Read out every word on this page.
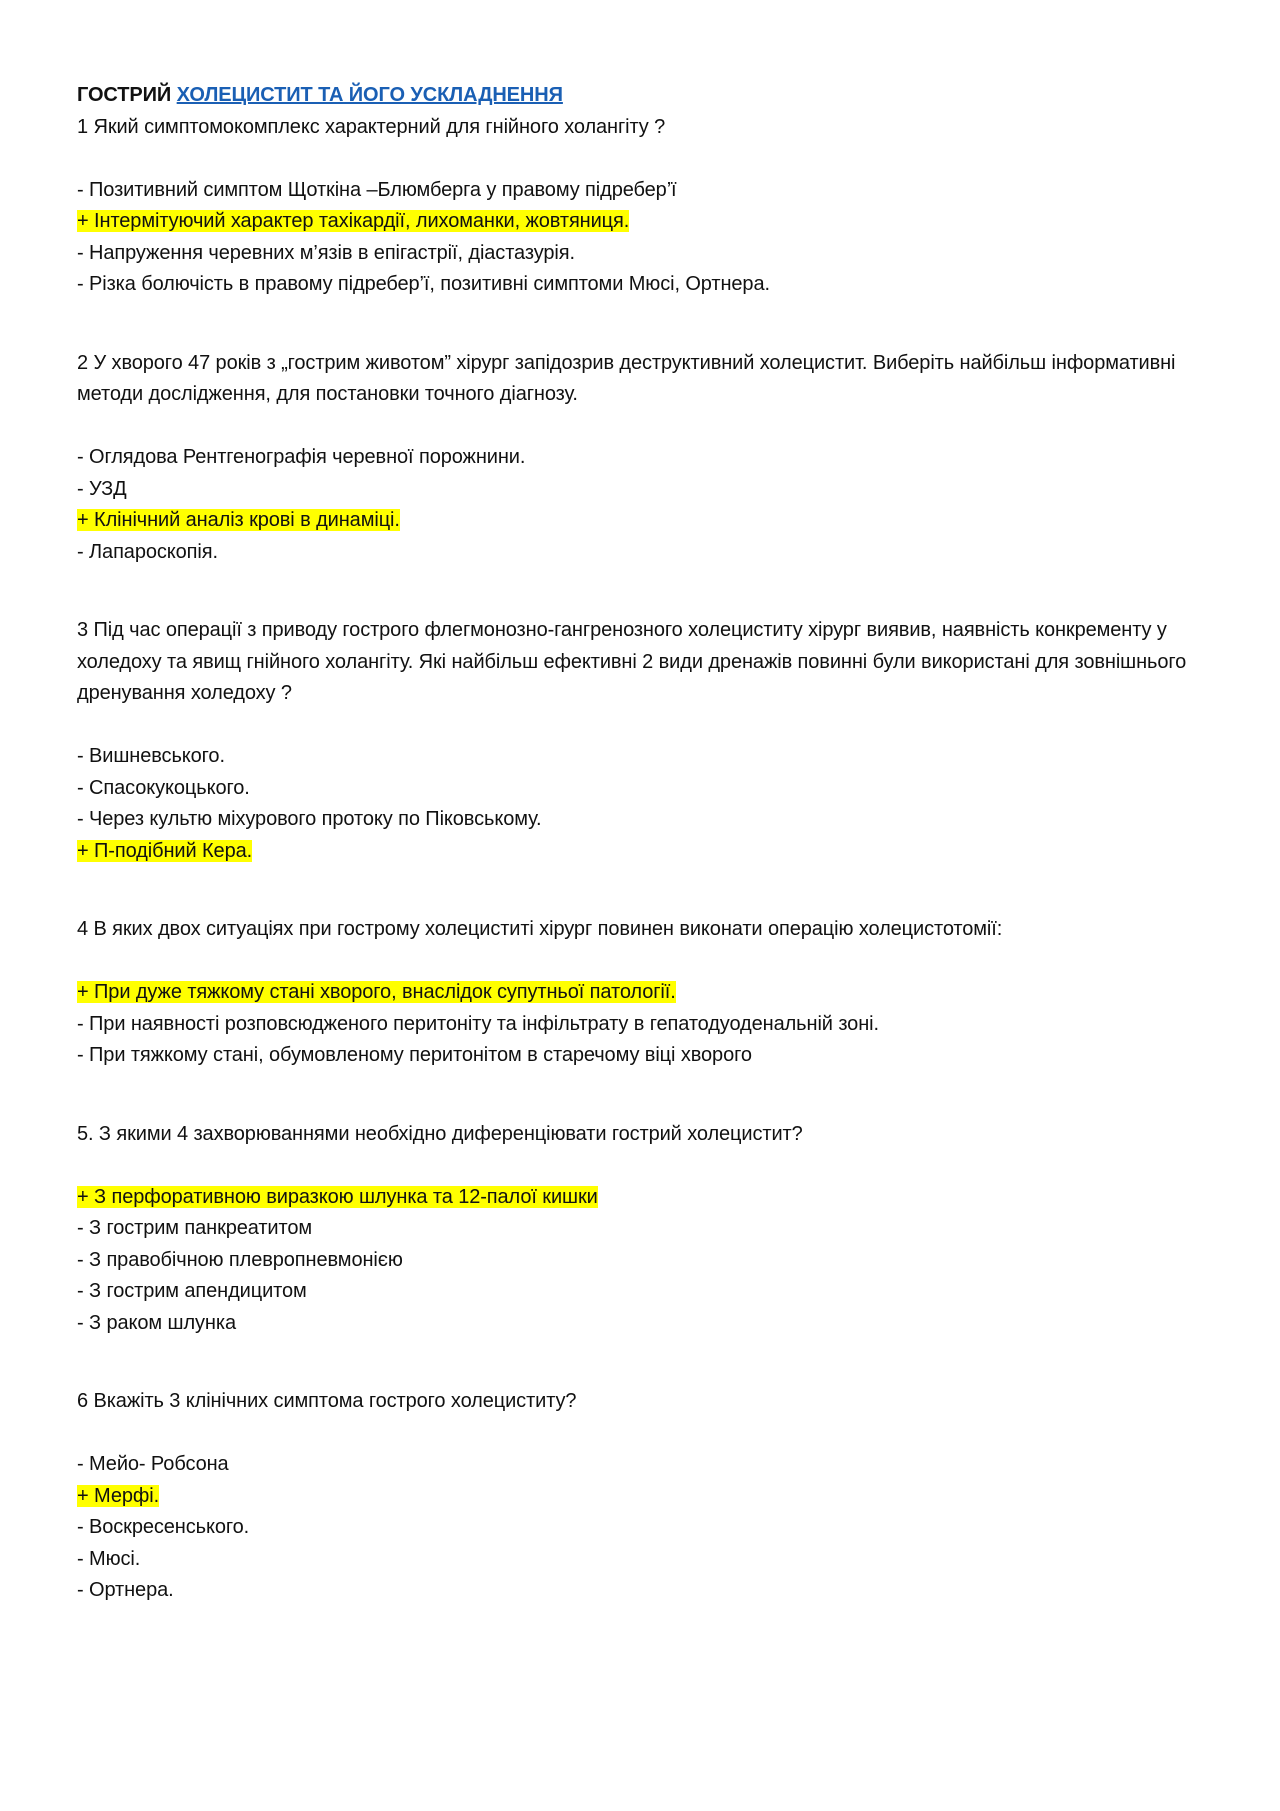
ГОСТРИЙ ХОЛЕЦИСТИТ ТА ЙОГО УСКЛАДНЕННЯ
1 Який симптомокомплекс характерний для гнійного холангіту ?
- Позитивний симптом Щоткіна –Блюмберга у правому підребер’ї
+ Інтермітуючий характер тахікардії, лихоманки, жовтяниця.
- Напруження черевних м’язів в епігастрії, діастазурія.
- Різка болючість в правому підребер’ї, позитивні симптоми Мюсі, Ортнера.
2 У хворого 47 років з „гострим животом” хірург запідозрив деструктивний холецистит. Виберіть найбільш інформативні методи дослідження, для постановки точного діагнозу.
- Оглядова Рентгенографія черевної порожнини.
- УЗД
+ Клінічний аналіз крові в динаміці.
- Лапароскопія.
3 Під час операції з приводу гострого флегмонозно-гангренозного холециститу хірург виявив, наявність конкременту у холедоху та явищ гнійного холангіту. Які найбільш ефективні 2 види дренажів повинні були використані для зовнішнього дренування холедоху ?
- Вишневського.
- Спасокукоцького.
- Через культю міхурового протоку по Піковському.
+ П-подібний Кера.
4 В яких двох ситуаціях при гострому холециститі хірург повинен виконати операцію холецистотомії:
+ При дуже тяжкому стані хворого, внаслідок супутньої патології.
- При наявності розповсюдженого перитоніту та інфільтрату в гепатодуоденальній зоні.
- При тяжкому стані, обумовленому перитонітом в старечому віці хворого
5. З якими 4 захворюваннями необхідно диференціювати гострий холецистит?
+ З перфоративною виразкою шлунка та 12-палої кишки
- З гострим панкреатитом
- З правобічною плевропневмонією
- З гострим апендицитом
- З раком шлунка
6 Вкажіть 3 клінічних симптома гострого холециститу?
- Мейо- Робсона
+ Мерфі.
- Воскресенського.
- Мюсі.
- Ортнера.
